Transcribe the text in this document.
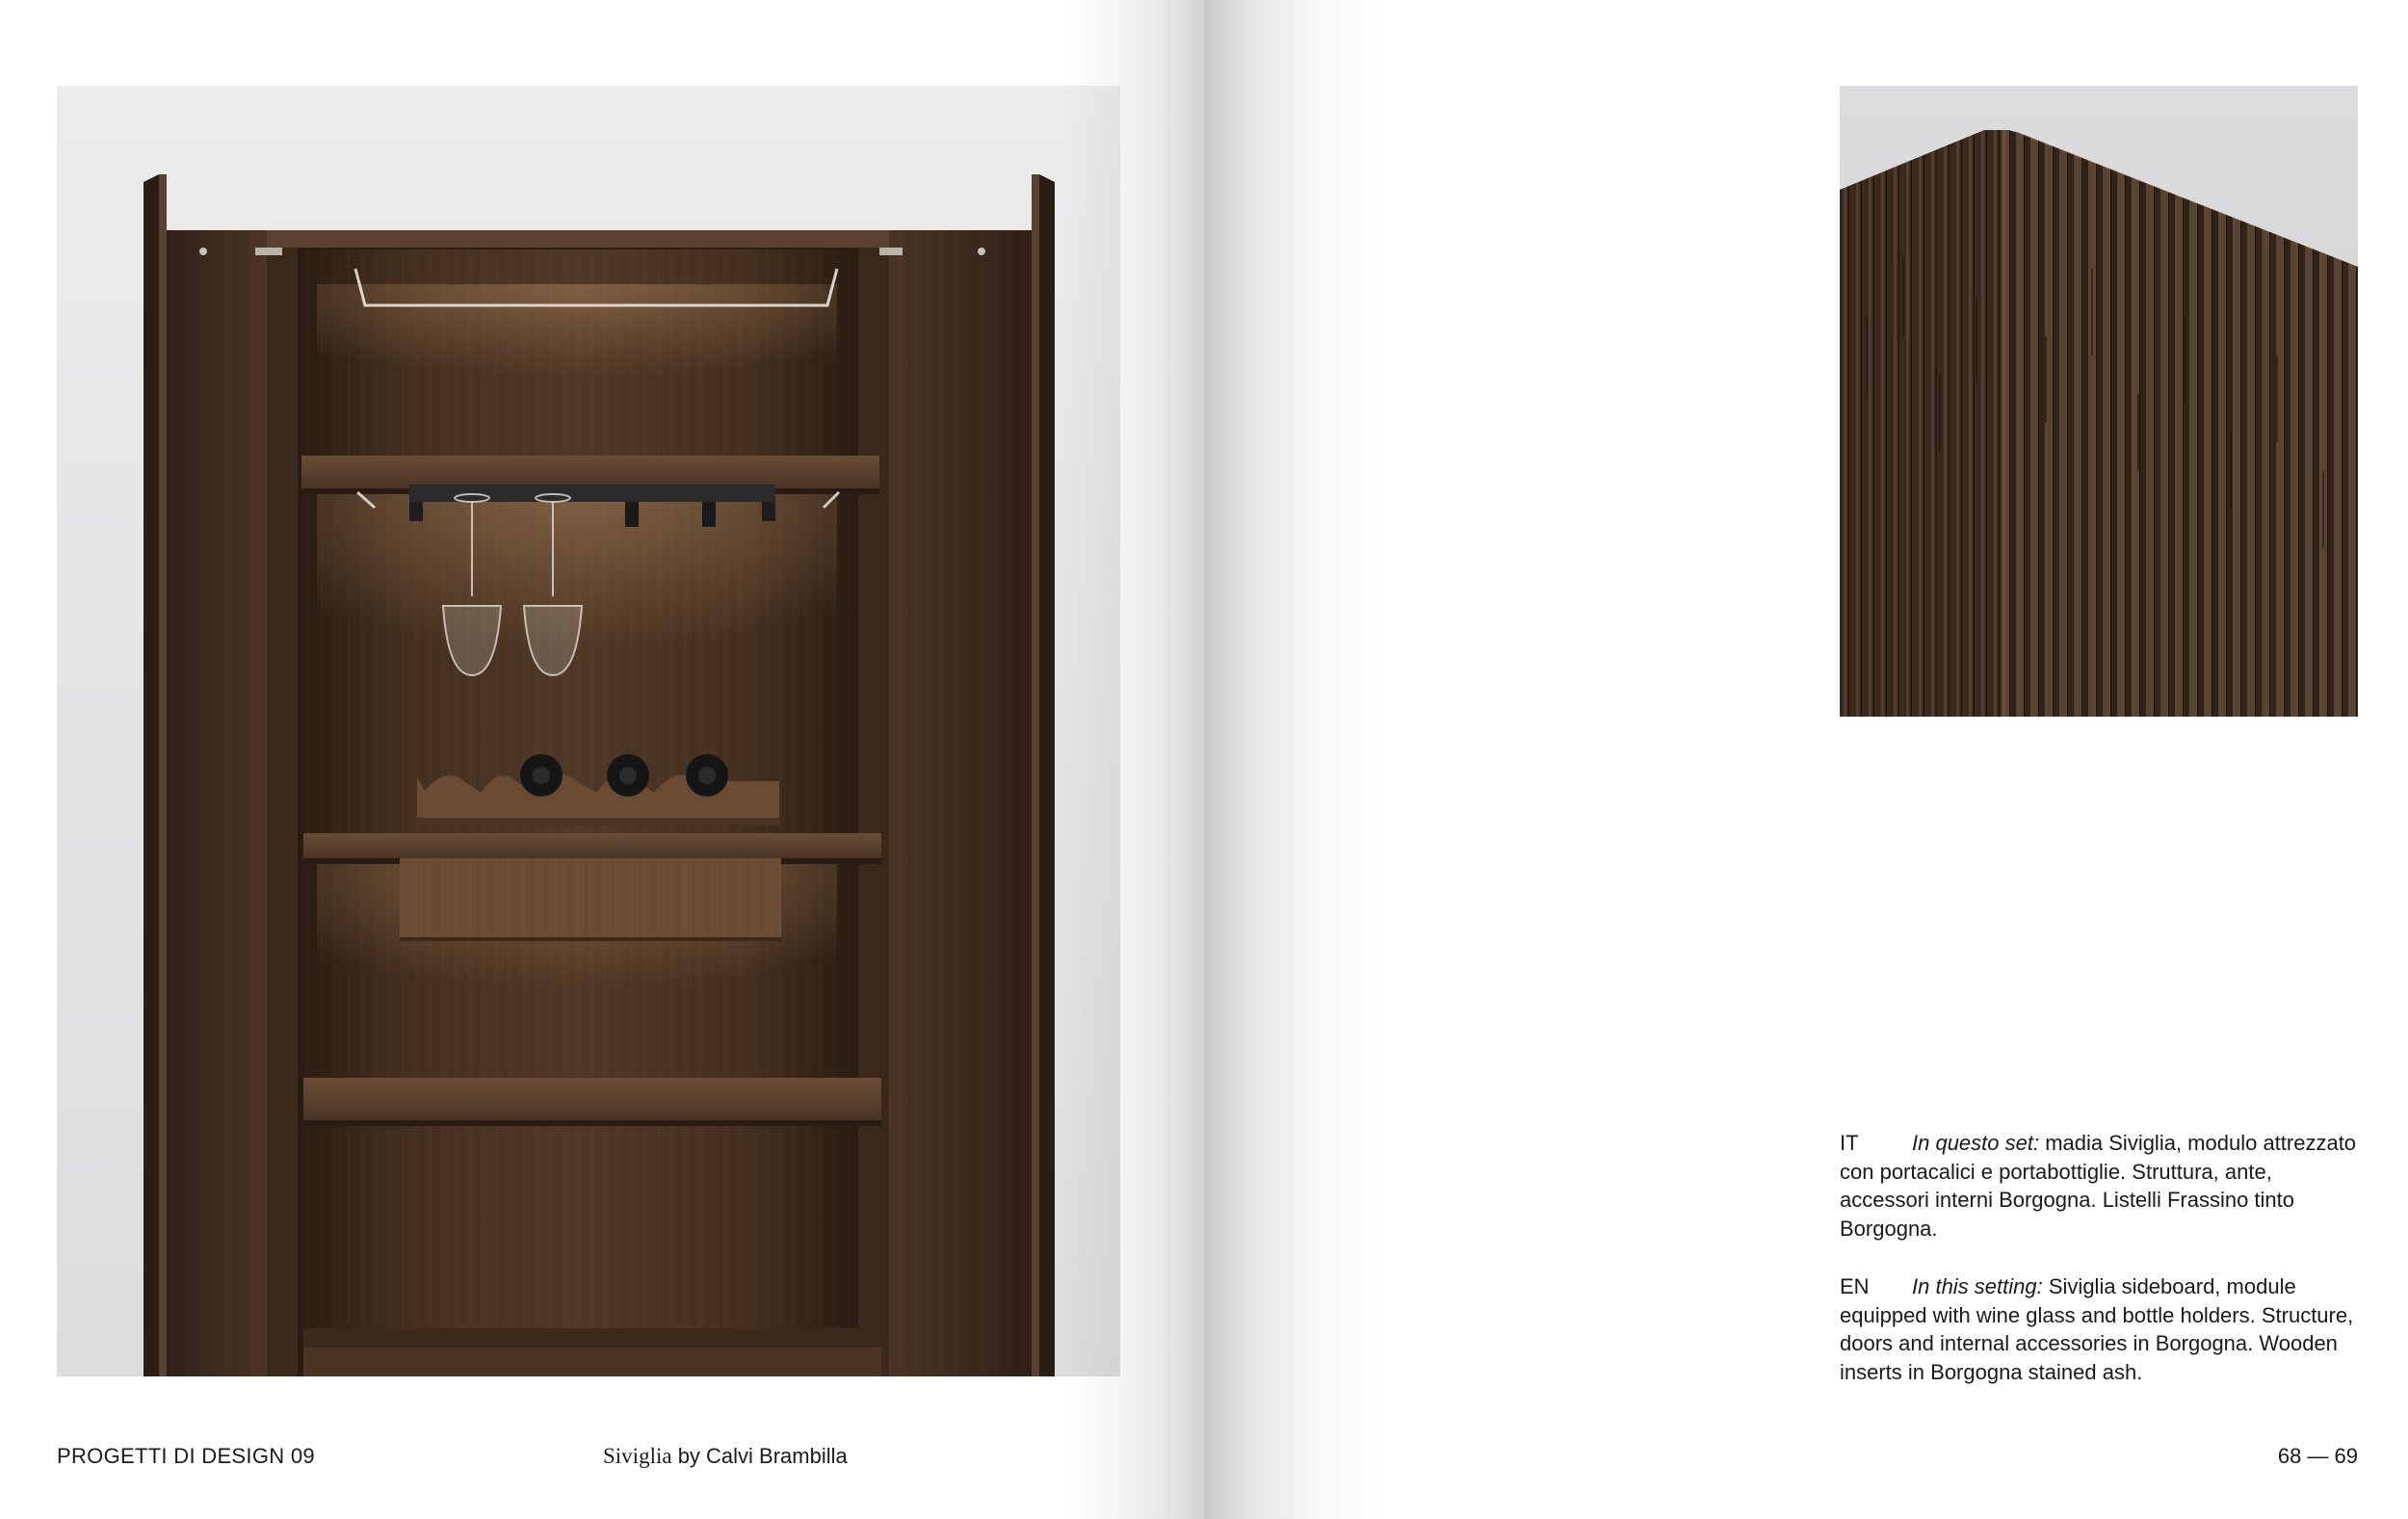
PROGETTI DI DESIGN 09	Siviglia by Calvi Brambilla
IT	In questo set: madia Siviglia, modulo attrezzato con portacalici e portabottiglie. Struttura, ante, accessori interni Borgogna. Listelli Frassino tinto Borgogna.
EN In this setting: Siviglia sideboard, module equipped with wine glass and bottle holders. Structure, doors and internal accessories in Borgogna. Wooden inserts in Borgogna stained ash.
68 — 69
